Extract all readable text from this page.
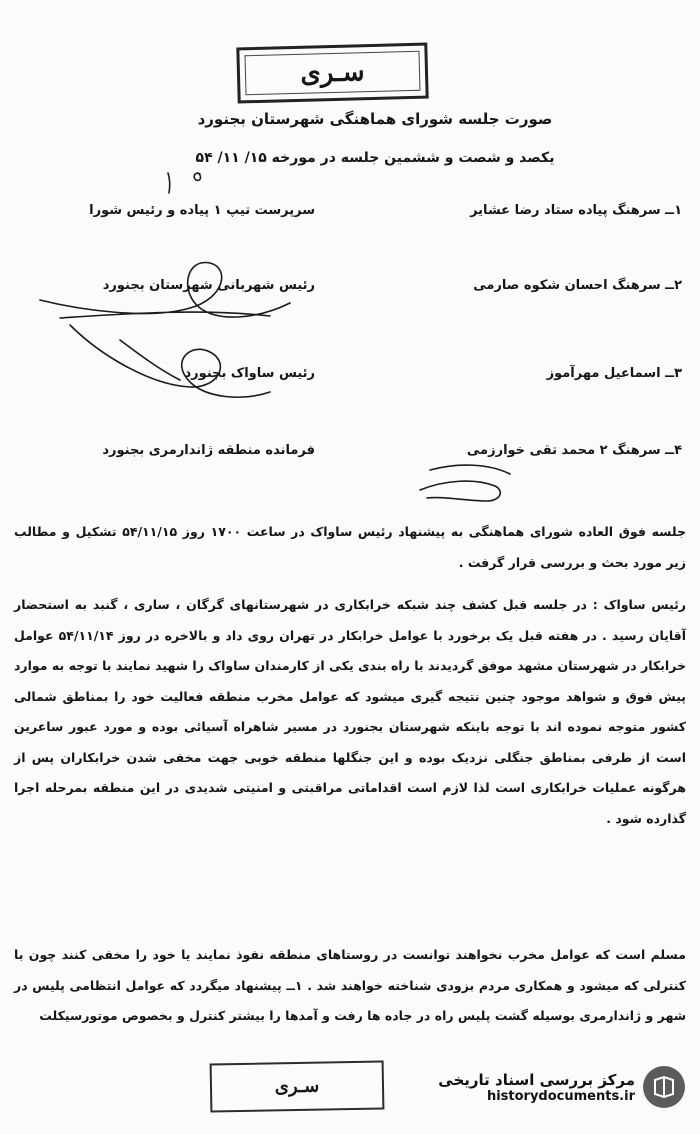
سـری
صورت جلسه شورای هماهنگی شهرستان بجنورد
یکصد و شصت و ششمین جلسه در مورخه ۱۵/ ۱۱/ ۵۴
۱ــ سرهنگ پیاده ستاد رضا عشایر
سرپرست تیپ ۱ پیاده و رئیس شورا
۲ــ سرهنگ احسان شکوه صارمی
رئیس شهربانی شهرستان بجنورد
۳ــ اسماعیل مهرآموز
رئیس ساواک بجنورد
۴ــ سرهنگ ۲ محمد تقی خوارزمی
فرمانده منطقه ژاندارمری بجنورد
جلسه فوق العاده شورای هماهنگی به پیشنهاد رئیس ساواک در ساعت ۱۷۰۰ روز ۵۴/۱۱/۱۵ تشکیل و مطالب زیر مورد بحث و بررسی قرار گرفت .
رئیس ساواک : در جلسه قبل کشف چند شبکه خرابکاری در شهرستانهای گرگان ، ساری ، گنبد به استحضار آقایان رسید . در هفته قبل یک برخورد با عوامل خرابکار در تهران روی داد و بالاخره در روز ۵۴/۱۱/۱۴ عوامل خرابکار در شهرستان مشهد موفق گردیدند با راه بندی یکی از کارمندان ساواک را شهید نمایند با توجه به موارد پیش فوق و شواهد موجود چنین نتیجه گیری میشود که عوامل مخرب منطقه فعالیت خود را بمناطق شمالی کشور متوجه نموده اند با توجه باینکه شهرستان بجنورد در مسیر شاهراه آسیائی بوده و مورد عبور ساعرین است از طرفی بمناطق جنگلی نزدیک بوده و این جنگلها منطقه خوبی جهت مخفی شدن خرابکاران پس از هرگونه عملیات خرابکاری است لذا لازم است اقداماتی مراقبتی و امنیتی شدیدی در این منطقه بمرحله اجرا گذارده شود .
مسلم است که عوامل مخرب نخواهند توانست در روستاهای منطقه نفوذ نمایند یا خود را مخفی کنند چون با کنترلی که میشود و همکاری مردم بزودی شناخته خواهند شد . ۱ــ پیشنهاد میگردد که عوامل انتظامی پلیس در شهر و ژاندارمری بوسیله گشت پلیس راه در جاده ها رفت و آمدها را بیشتر کنترل و بخصوص موتورسیکلت
سـری	مرکز بررسی اسناد تاریخی
historydocuments.ir
